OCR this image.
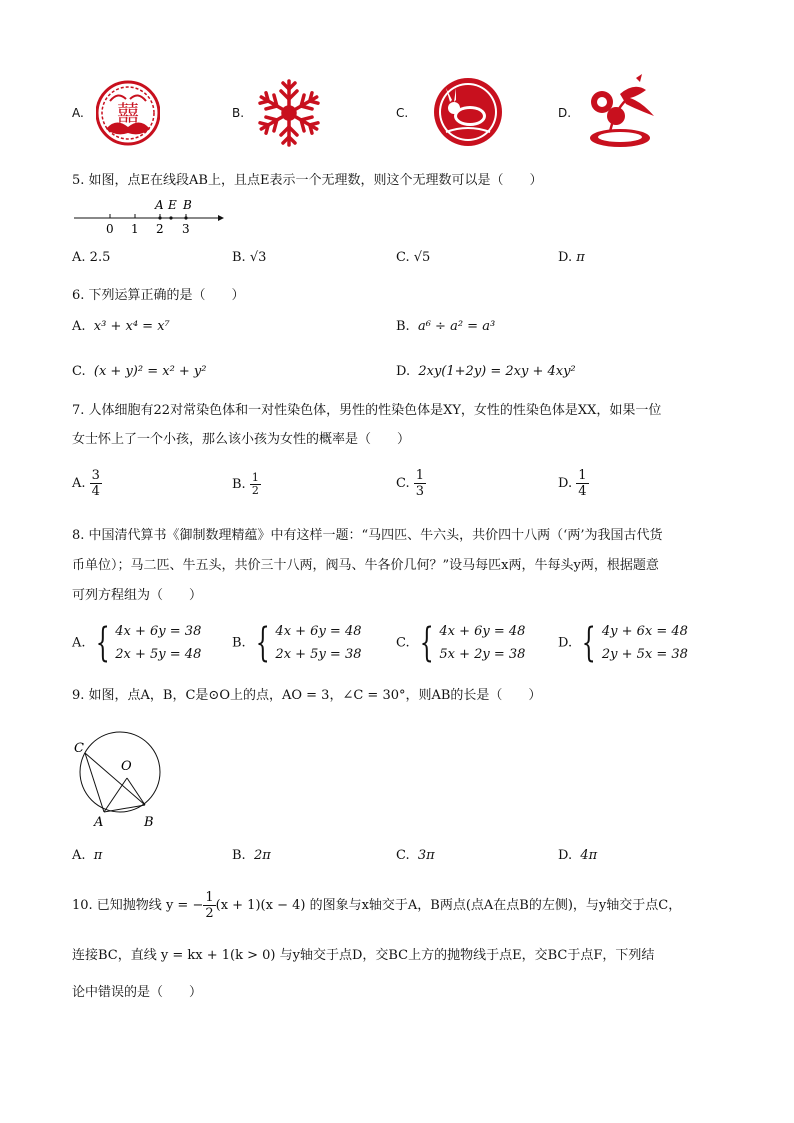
A. 囍	B.	C.	D.
5. 如图，点E在线段AB上，且点E表示一个无理数，则这个无理数可以是（　　）
A E B
0 1 2 3
A. 2.5	B. √3	C. √5	D. π
6. 下列运算正确的是（　　）
A. x³ + x⁴ = x⁷	B. a⁶ ÷ a² = a³
C. (x + y)² = x² + y²	D. 2xy(1+2y) = 2xy + 4xy²
7. 人体细胞有22对常染色体和一对性染色体，男性的性染色体是XY，女性的性染色体是XX，如果一位
女士怀上了一个小孩，那么该小孩为女性的概率是（　　）
A. $\frac{3}{4}$	B. $\frac{1}{2}$	C. $\frac{1}{3}$	D. $\frac{1}{4}$
8. 中国清代算书《御制数理精蕴》中有这样一题：“马四匹、牛六头，共价四十八两（‘两’为我国古代货
币单位）；马二匹、牛五头，共价三十八两，阀马、牛各价几何？”设马每匹x两，牛每头y两，根据题意
可列方程组为（　　）
A. { 4x + 6y = 38
2x + 5y = 48
B. { 4x + 6y = 48
2x + 5y = 38
C. { 4x + 6y = 48
5x + 2y = 38
D. { 4y + 6x = 48
2y + 5x = 38
9. 如图，点A，B，C是⊙O上的点，AO = 3，∠C = 30°，则AB的长是（　　）
C
O
A	B
A. π	B. 2π	C. 3π	D. 4π
10. 已知抛物线 y = − $\frac{1}{2} (x + 1)(x - 4)$ 的图象与x轴交于A，B两点(点A在点B的左侧)，与y轴交于点C，
连接BC，直线 y = kx + 1(k > 0) 与y轴交于点D，交BC上方的抛物线于点E，交BC于点F，下列结
论中错误的是（　　）
